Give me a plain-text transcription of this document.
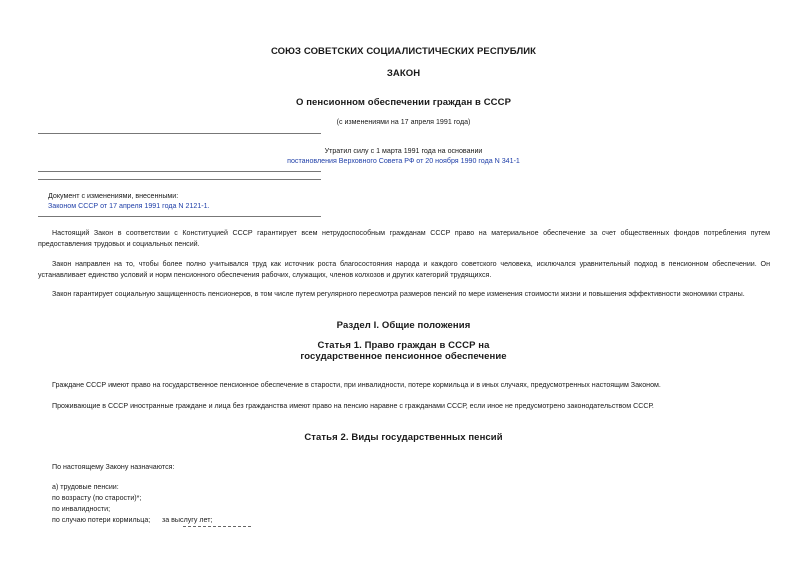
СОЮЗ СОВЕТСКИХ СОЦИАЛИСТИЧЕСКИХ РЕСПУБЛИК
ЗАКОН
О пенсионном обеспечении граждан в СССР
(с изменениями на 17 апреля 1991 года)
Утратил силу с 1 марта 1991 года на основании
постановления Верховного Совета РФ от 20 ноября 1990 года N 341-1
Документ с изменениями, внесенными:
Законом СССР от 17 апреля 1991 года N 2121-1.
Настоящий Закон в соответствии с Конституцией СССР гарантирует всем нетрудоспособным гражданам СССР право на материальное обеспечение за счет общественных фондов потребления путем предоставления трудовых и социальных пенсий.
Закон направлен на то, чтобы более полно учитывался труд как источник роста благосостояния народа и каждого советского человека, исключался уравнительный подход в пенсионном обеспечении. Он устанавливает единство условий и норм пенсионного обеспечения рабочих, служащих, членов колхозов и других категорий трудящихся.
Закон гарантирует социальную защищенность пенсионеров, в том числе путем регулярного пересмотра размеров пенсий по мере изменения стоимости жизни и повышения эффективности экономики страны.
Раздел I. Общие положения
Статья 1. Право граждан в СССР на
государственное пенсионное обеспечение
Граждане СССР имеют право на государственное пенсионное обеспечение в старости, при инвалидности, потере кормильца и в иных случаях, предусмотренных настоящим Законом.
Проживающие в СССР иностранные граждане и лица без гражданства имеют право на пенсию наравне с гражданами СССР, если иное не предусмотрено законодательством СССР.
Статья 2. Виды государственных пенсий
По настоящему Закону назначаются:
а) трудовые пенсии:
по возрасту (по старости)*;
по инвалидности;
по случаю потери кормильца; за выслугу лет;
